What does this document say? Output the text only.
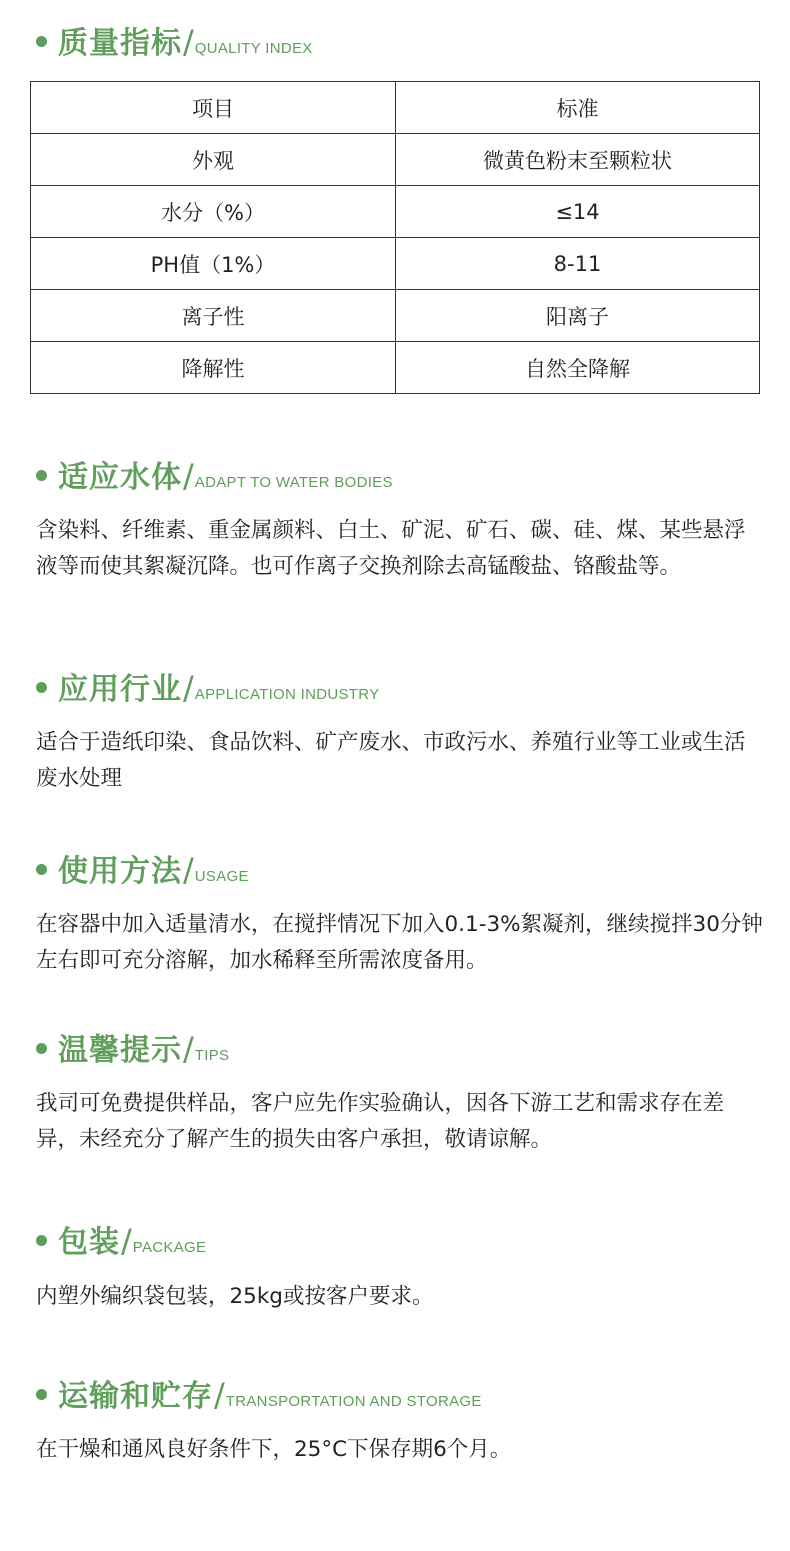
质量指标 / QUALITY INDEX
项目	标准
外观	微黄色粉末至颗粒状
水分（%）	≤14
PH值（1%）	8-11
离子性	阳离子
降解性	自然全降解
适应水体 / ADAPT TO WATER BODIES
含染料、纤维素、重金属颜料、白土、矿泥、矿石、碳、硅、煤、某些悬浮液等而使其絮凝沉降。也可作离子交换剂除去高锰酸盐、铬酸盐等。
应用行业 / APPLICATION INDUSTRY
适合于造纸印染、食品饮料、矿产废水、市政污水、养殖行业等工业或生活废水处理
使用方法 / USAGE
在容器中加入适量清水，在搅拌情况下加入0.1-3%絮凝剂，继续搅拌30分钟左右即可充分溶解，加水稀释至所需浓度备用。
温馨提示 / TIPS
我司可免费提供样品，客户应先作实验确认，因各下游工艺和需求存在差异，未经充分了解产生的损失由客户承担，敬请谅解。
包装 / PACKAGE
内塑外编织袋包装，25kg或按客户要求。
运输和贮存 / TRANSPORTATION AND STORAGE
在干燥和通风良好条件下，25°C下保存期6个月。
